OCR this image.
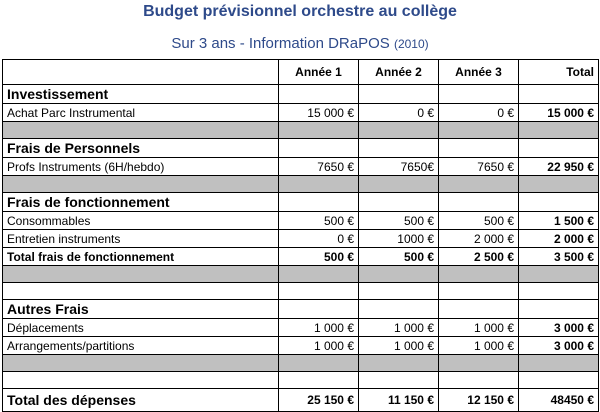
Budget prévisionnel orchestre au collège
Sur 3 ans - Information DRaPOS (2010)
	Année 1	Année 2	Année 3	Total
Investissement				
Achat Parc Instrumental	15 000 €	0 €	0 €	15 000 €

Frais de Personnels				
Profs Instruments (6H/hebdo)	7650 €	7650€	7650 €	22 950 €

Frais de fonctionnement				
Consommables	500 €	500 €	500 €	1 500 €
Entretien instruments	0 €	1000 €	2 000 €	2 000 €
Total frais de fonctionnement	500 €	500 €	2 500 €	3 500 €

Autres Frais				
Déplacements	1 000 €	1 000 €	1 000 €	3 000 €
Arrangements/partitions	1 000 €	1 000 €	1 000 €	3 000 €

Total des dépenses	25 150 €	11 150 €	12 150 €	48450 €
